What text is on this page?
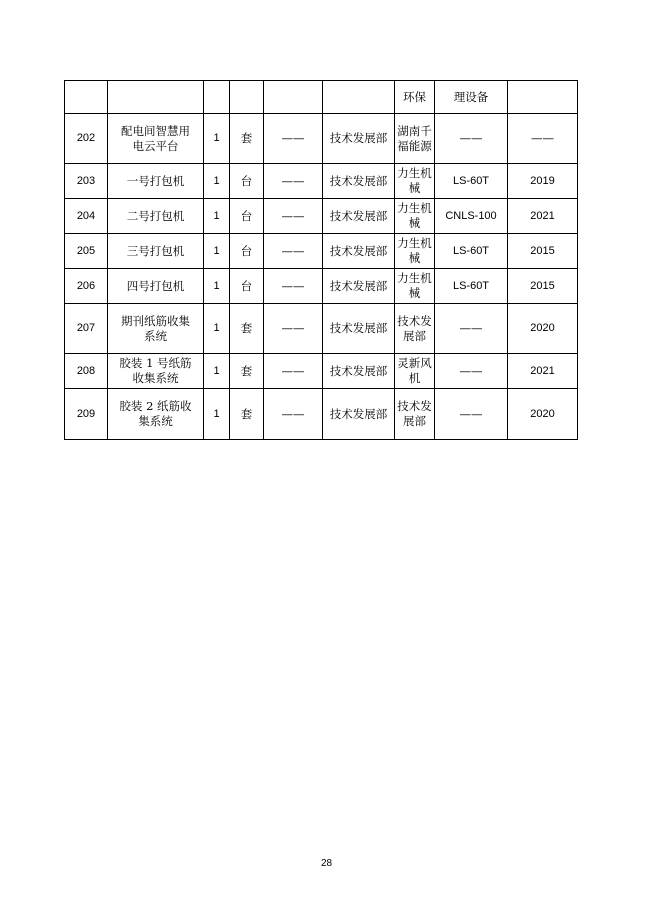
						环保	理设备	
202	配电间智慧用电云平台	1	套	——	技术发展部	湖南千福能源	——	——
203	一号打包机	1	台	——	技术发展部	力生机械	LS-60T	2019
204	二号打包机	1	台	——	技术发展部	力生机械	CNLS-100	2021
205	三号打包机	1	台	——	技术发展部	力生机械	LS-60T	2015
206	四号打包机	1	台	——	技术发展部	力生机械	LS-60T	2015
207	期刊纸筋收集系统	1	套	——	技术发展部	技术发展部	——	2020
208	胶装 1 号纸筋收集系统	1	套	——	技术发展部	灵新风机	——	2021
209	胶装 2 纸筋收集系统	1	套	——	技术发展部	技术发展部	——	2020
28
